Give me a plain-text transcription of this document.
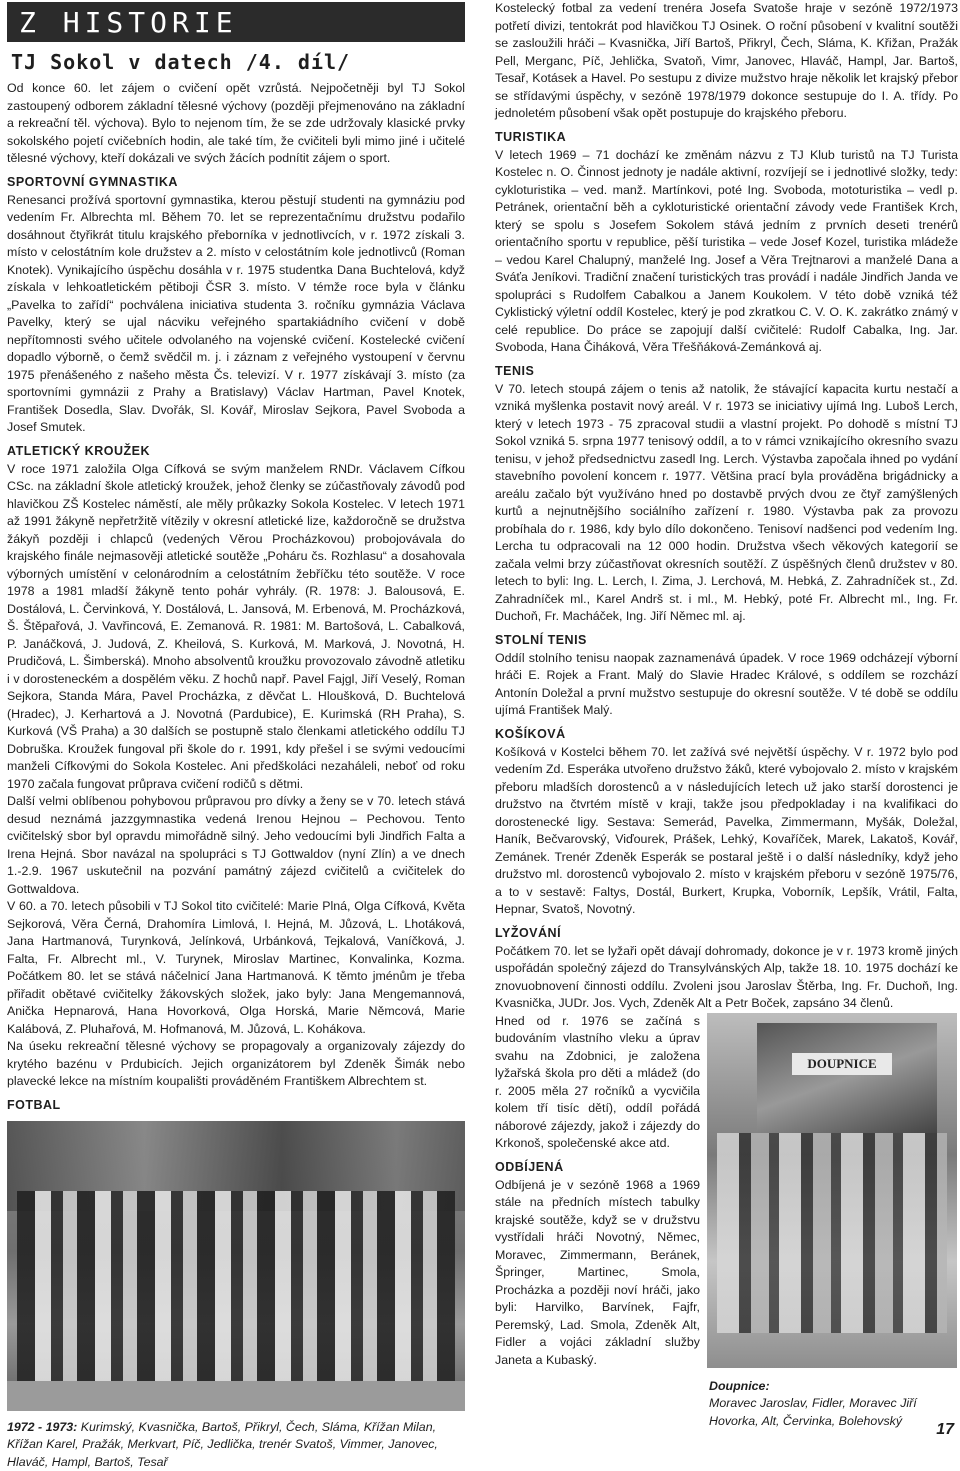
Z HISTORIE
TJ Sokol v datech /4. díl/

Od konce 60. let zájem o cvičení opět vzrůstá. Nejpočetněji byl TJ Sokol zastoupený odborem základní tělesné výchovy (později přejmenováno na základní a rekreační těl. výchova). Bylo to nejenom tím, že se zde udržovaly klasické prvky sokolského pojetí cvičebních hodin, ale také tím, že cvičiteli byli mimo jiné i učitelé tělesné výchovy, kteří dokázali ve svých žácích podnítit zájem o sport.

SPORTOVNÍ GYMNASTIKA

Renesanci prožívá sportovní gymnastika, kterou pěstují studenti na gymnáziu pod vedením Fr. Albrechta ml. Během 70. let se reprezentačnímu družstvu podařilo dosáhnout čtyřikrát titulu krajského přeborníka v jednotlivcích, v r. 1972 získali 3. místo v celostátním kole družstev a 2. místo v celostátním kole jednotlivců (Roman Knotek). Vynikajícího úspěchu dosáhla v r. 1975 studentka Dana Buchtelová, když získala v lehkoatletickém pětiboji ČSR 3. místo. V témže roce byla v článku „Pavelka to zařídí“ pochválena iniciativa studenta 3. ročníku gymnázia Václava Pavelky, který se ujal nácviku veřejného spartakiádního cvičení v době nepřítomnosti svého učitele odvolaného na vojenské cvičení. Kostelecké cvičení dopadlo výborně, o čemž svědčil m. j. i záznam z veřejného vystoupení v červnu 1975 přenášeného z našeho města Čs. televizí. V r. 1977 získávají 3. místo (za sportovními gymnázii z Prahy a Bratislavy) Václav Hartman, Pavel Knotek, František Dosedla, Slav. Dvořák, Sl. Kovář, Miroslav Sejkora, Pavel Svoboda a Josef Smutek.

ATLETICKÝ KROUŽEK

V roce 1971 založila Olga Cífková se svým manželem RNDr. Václavem Cífkou CSc. na základní škole atletický kroužek, jehož členky se zúčastňovaly závodů pod hlavičkou ZŠ Kostelec náměstí, ale měly průkazky Sokola Kostelec. V letech 1971 až 1991 žákyně nepřetržitě vítězily v okresní atletické lize, každoročně se družstva žákyň později i chlapců (vedených Věrou Procházkovou) probojovávala do krajského finále nejmasověji atletické soutěže „Poháru čs. Rozhlasu“ a dosahovala výborných umístění v celonárodním a celostátním žebříčku této soutěže. V roce 1978 a 1981 mladší žákyně tento pohár vyhrály. (R. 1978: J. Balousová, E. Dostálová, L. Červinková, Y. Dostálová, L. Jansová, M. Erbenová, M. Procházková, Š. Štěpařová, J. Vavřincová, E. Zemanová. R. 1981: M. Bartošová, L. Cabalková, P. Janáčková, J. Judová, Z. Kheilová, S. Kurková, M. Marková, J. Novotná, H. Prudičová, L. Šimberská). Mnoho absolventů kroužku provozovalo závodně atletiku i v dorosteneckém a dospělém věku. Z hochů např. Pavel Fajgl, Jiří Veselý, Roman Sejkora, Standa Mára, Pavel Procházka, z děvčat L. Hloušková, D. Buchtelová (Hradec), J. Kerhartová a J. Novotná (Pardubice), E. Kurimská (RH Praha), S. Kurková (VŠ Praha) a 30 dalších se postupně stalo členkami atletického oddílu TJ Dobruška. Kroužek fungoval při škole do r. 1991, kdy přešel i se svými vedoucími manželi Cífkovými do Sokola Kostelec. Ani předškoláci nezaháleli, neboť od roku 1970 začala fungovat průprava cvičení rodičů s dětmi.

Další velmi oblíbenou pohybovou průpravou pro dívky a ženy se v 70. letech stává desud neznámá jazzgymnastika vedená Irenou Hejnou – Pechovou. Tento cvičitelský sbor byl opravdu mimořádně silný. Jeho vedoucími byli Jindřich Falta a Irena Hejná. Sbor navázal na spolupráci s TJ Gottwaldov (nyní Zlín) a ve dnech 1.-2.9. 1967 uskutečnil na pozvání památný zájezd cvičitelů a cvičitelek do Gottwaldova.

V 60. a 70. letech působili v TJ Sokol tito cvičitelé: Marie Plná, Olga Cífková, Květa Sejkorová, Věra Černá, Drahomíra Limlová, I. Hejná, M. Jůzová, L. Lhotáková, Jana Hartmanová, Turynková, Jelínková, Urbánková, Tejkalová, Vaníčková, J. Falta, Fr. Albrecht ml., V. Turynek, Miroslav Martinec, Konvalinka, Kozma. Počátkem 80. let se stává náčelnicí Jana Hartmanová. K těmto jménům je třeba přiřadit obětavé cvičitelky žákovských složek, jako byly: Jana Mengemannová, Anička Hepnarová, Hana Hovorková, Olga Horská, Marie Němcová, Marie Kalábová, Z. Pluhařová, M. Hofmanová, M. Jůzová, L. Kohákova.

Na úseku rekreační tělesné výchovy se propagovaly a organizovaly zájezdy do krytého bazénu v Prdubicích. Jejich organizátorem byl Zdeněk Šimák nebo plavecké lekce na místním koupališti prováděném Františkem Albrechtem st.

FOTBAL
1972 - 1973: Kurimský, Kvasnička, Bartoš, Přikryl, Čech, Sláma, Křížan Milan, Křížan Karel, Pražák, Merkvart, Píč, Jedlička, trenér Svatoš, Vimmer, Janovec, Hlaváč, Hampl, Bartoš, Tesař

Kostelecký fotbal za vedení trenéra Josefa Svatoše hraje v sezóně 1972/1973 potřetí divizi, tentokrát pod hlavičkou TJ Osinek. O roční působení v kvalitní soutěži se zasloužili hráči – Kvasnička, Jiří Bartoš, Přikryl, Čech, Sláma, K. Křižan, Pražák Pell, Merganc, Píč, Jehlička, Svatoň, Vimr, Janovec, Hlaváč, Hampl, Jar. Bartoš, Tesař, Kotásek a Havel. Po sestupu z divize mužstvo hraje několik let krajský přebor se střídavými úspěchy, v sezóně 1978/1979 dokonce sestupuje do I. A. třídy. Po jednoletém působení však opět postupuje do krajského přeboru.

TURISTIKA

V letech 1969 – 71 dochází ke změnám názvu z TJ Klub turistů na TJ Turista Kostelec n. O. Činnost jednoty je nadále aktivní, rozvíjejí se i jednotlivé složky, tedy: cykloturistika – ved. manž. Martínkovi, poté Ing. Svoboda, mototuristika – vedl p. Petránek, orientační běh a cykloturistické orientační závody vede František Krch, který se spolu s Josefem Sokolem stává jedním z prvních deseti trenérů orientačního sportu v republice, pěší turistika – vede Josef Kozel, turistika mládeže – vedou Karel Chalupný, manželé Ing. Josef a Věra Trejtnarovi a manželé Dana a Sváťa Jeníkovi. Tradiční značení turistických tras provádí i nadále Jindřich Janda ve spolupráci s Rudolfem Cabalkou a Janem Koukolem. V této době vzniká též Cyklistický výletní oddíl Kostelec, který je pod zkratkou C. V. O. K. zakrátko známý v celé republice. Do práce se zapojují další cvičitelé: Rudolf Cabalka, Ing. Jar. Svoboda, Hana Čiháková, Věra Třešňáková-Zemánková aj.

TENIS

V 70. letech stoupá zájem o tenis až natolik, že stávající kapacita kurtu nestačí a vzniká myšlenka postavit nový areál. V r. 1973 se iniciativy ujímá Ing. Luboš Lerch, který v letech 1973 - 75 zpracoval studii a vlastní projekt. Po dohodě s místní TJ Sokol vzniká 5. srpna 1977 tenisový oddíl, a to v rámci vznikajícího okresního svazu tenisu, v jehož předsednictvu zasedl Ing. Lerch. Výstavba započala ihned po vydání stavebního povolení koncem r. 1977. Většina prací byla prováděna brigádnicky a areálu začalo být využíváno hned po dostavbě prvých dvou ze čtyř zamýšlených kurtů a nejnutnějšího sociálního zařízení r. 1980. Výstavba pak za provozu probíhala do r. 1986, kdy bylo dílo dokončeno. Tenisoví nadšenci pod vedením Ing. Lercha tu odpracovali na 12 000 hodin. Družstva všech věkových kategorií se začala velmi brzy zúčastňovat okresních soutěží. Z úspěšných členů družstev v 80. letech to byli: Ing. L. Lerch, I. Zima, J. Lerchová, M. Hebká, Z. Zahradníček st., Zd. Zahradníček ml., Karel Andrš st. i ml., M. Hebký, poté Fr. Albrecht ml., Ing. Fr. Duchoň, Fr. Macháček, Ing. Jiří Němec ml. aj.

STOLNÍ TENIS

Oddíl stolního tenisu naopak zaznamenává úpadek. V roce 1969 odcházejí výborní hráči E. Rojek a Frant. Malý do Slavie Hradec Králové, s oddílem se rozchází Antonín Doležal a první mužstvo sestupuje do okresní soutěže. V té době se oddílu ujímá František Malý.

KOŠÍKOVÁ

Košíková v Kostelci během 70. let zažívá své největší úspěchy. V r. 1972 bylo pod vedením Zd. Esperáka utvořeno družstvo žáků, které vybojovalo 2. místo v krajském přeboru mladších dorostenců a v následujících letech už jako starší dorostenci je družstvo na čtvrtém místě v kraji, takže jsou předpokladay i na kvalifikaci do dorostenecké ligy. Sestava: Semerád, Pavelka, Zimmermann, Myšák, Doležal, Haník, Bečvarovský, Viďourek, Prášek, Lehký, Kovaříček, Marek, Lakatoš, Kovář, Zemánek. Trenér Zdeněk Esperák se postaral ještě i o další následníky, když jeho družstvo ml. dorostenců vybojovalo 2. místo v krajském přeboru v sezóně 1975/76, a to v sestavě: Faltys, Dostál, Burkert, Krupka, Voborník, Lepšík, Vrátil, Falta, Hepnar, Svatoš, Novotný.

LYŽOVÁNÍ

Počátkem 70. let se lyžaři opět dávají dohromady, dokonce je v r. 1973 kromě jiných uspořádán společný zájezd do Transylvánských Alp, takže 18. 10. 1975 dochází ke znovuobnovení činnosti oddílu. Zvoleni jsou Jaroslav Štěrba, Ing. Fr. Duchoň, Ing. Kvasnička, JUDr. Jos. Vych, Zdeněk Alt a Petr Boček, zapsáno 34 členů.

Hned od r. 1976 se začíná s budováním vlastního vleku a úprav svahu na Zdobnici, je založena lyžařská škola pro děti a mládež (do r. 2005 měla 27 ročníků a vycvičila kolem tří tisíc dětí), oddíl pořádá náborové zájezdy, jakož i zájezdy do Krkonoš, společenské akce atd.

ODBÍJENÁ

Odbíjená je v sezóně 1968 a 1969 stále na předních místech tabulky krajské soutěže, když se v družstvu vystřídali hráči Novotný, Němec, Moravec, Zimmermann, Beránek, Špringer, Martinec, Smola, Procházka a později noví hráči, jako byli: Harvilko, Barvínek, Fajfr, Peremský, Lad. Smola, Zdeněk Alt, Fidler a vojáci základní služby Janeta a Kubaský.

DOUPNICE
Doupnice:
Moravec Jaroslav, Fidler, Moravec Jiří Hovorka, Alt, Červinka, Bolehovský
17
